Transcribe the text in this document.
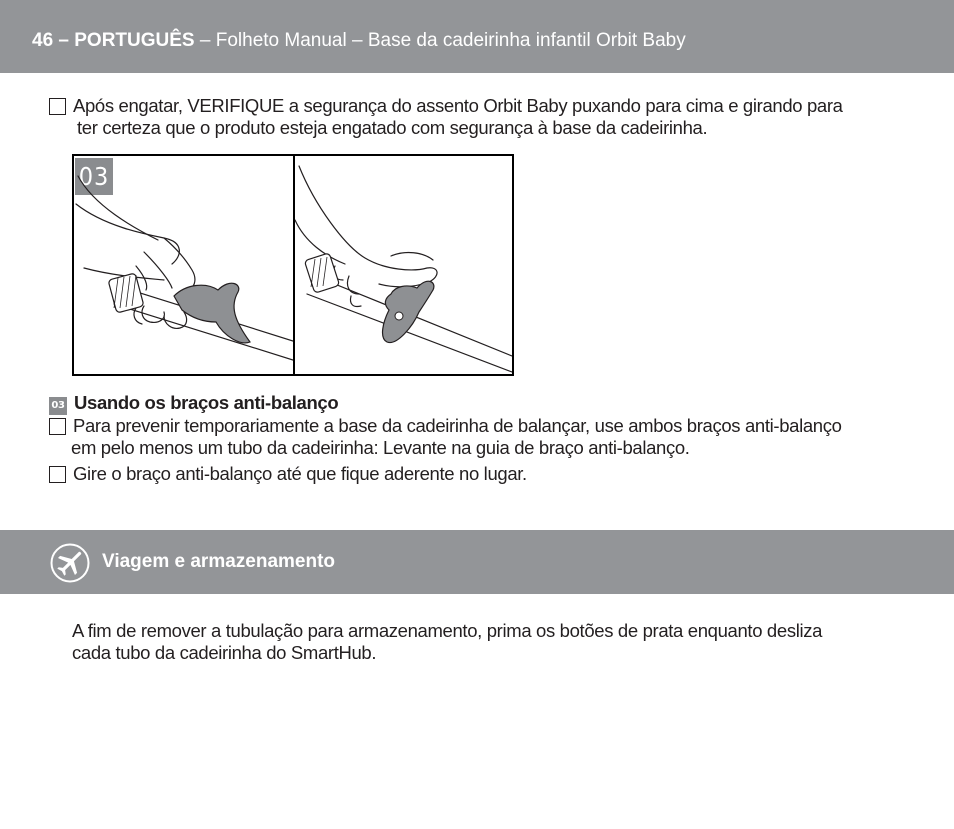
46 – PORTUGUÊS – Folheto Manual – Base da cadeirinha infantil Orbit Baby
Após engatar, VERIFIQUE a segurança do assento Orbit Baby puxando para cima e girando para
ter certeza que o produto esteja engatado com segurança à base da cadeirinha.
03
03 Usando os braços anti-balanço
Para prevenir temporariamente a base da cadeirinha de balançar, use ambos braços anti-balanço
em pelo menos um tubo da cadeirinha: Levante na guia de braço anti-balanço.
Gire o braço anti-balanço até que fique aderente no lugar.
Viagem e armazenamento
A fim de remover a tubulação para armazenamento, prima os botões de prata enquanto desliza
cada tubo da cadeirinha do SmartHub.
